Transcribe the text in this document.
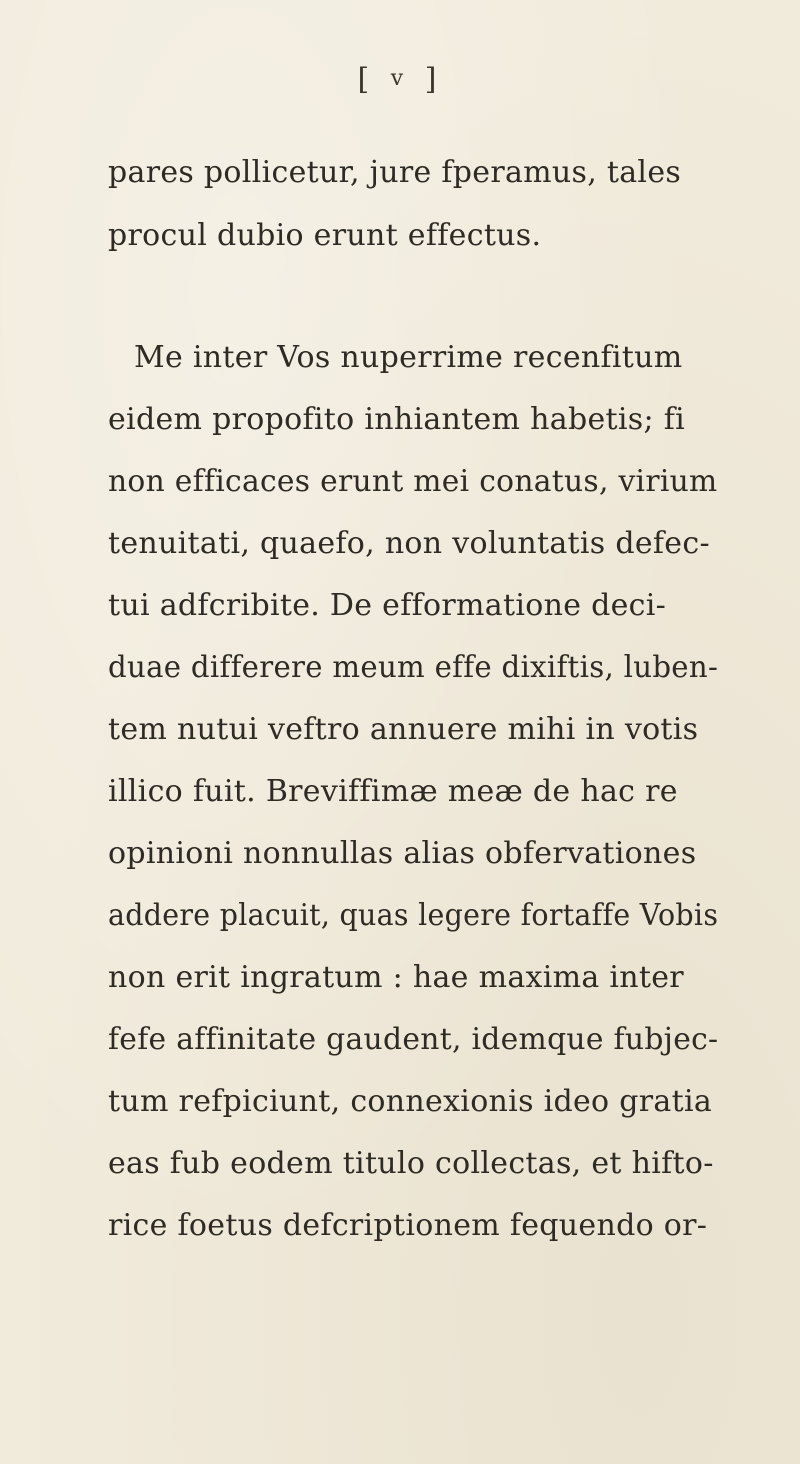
[ v ]
pares pollicetur, jure fperamus, tales
procul dubio erunt effectus.
Me inter Vos nuperrime recenfitum
eidem propofito inhiantem habetis; fi
non efficaces erunt mei conatus, virium
tenuitati, quaefo, non voluntatis defec-
tui adfcribite. De efformatione deci-
duae differere meum effe dixiftis, luben-
tem nutui veftro annuere mihi in votis
illico fuit. Breviffimæ meæ de hac re
opinioni nonnullas alias obfervationes
addere placuit, quas legere fortaffe Vobis
non erit ingratum : hae maxima inter
fefe affinitate gaudent, idemque fubjec-
tum refpiciunt, connexionis ideo gratia
eas fub eodem titulo collectas, et hifto-
rice foetus defcriptionem fequendo or-
